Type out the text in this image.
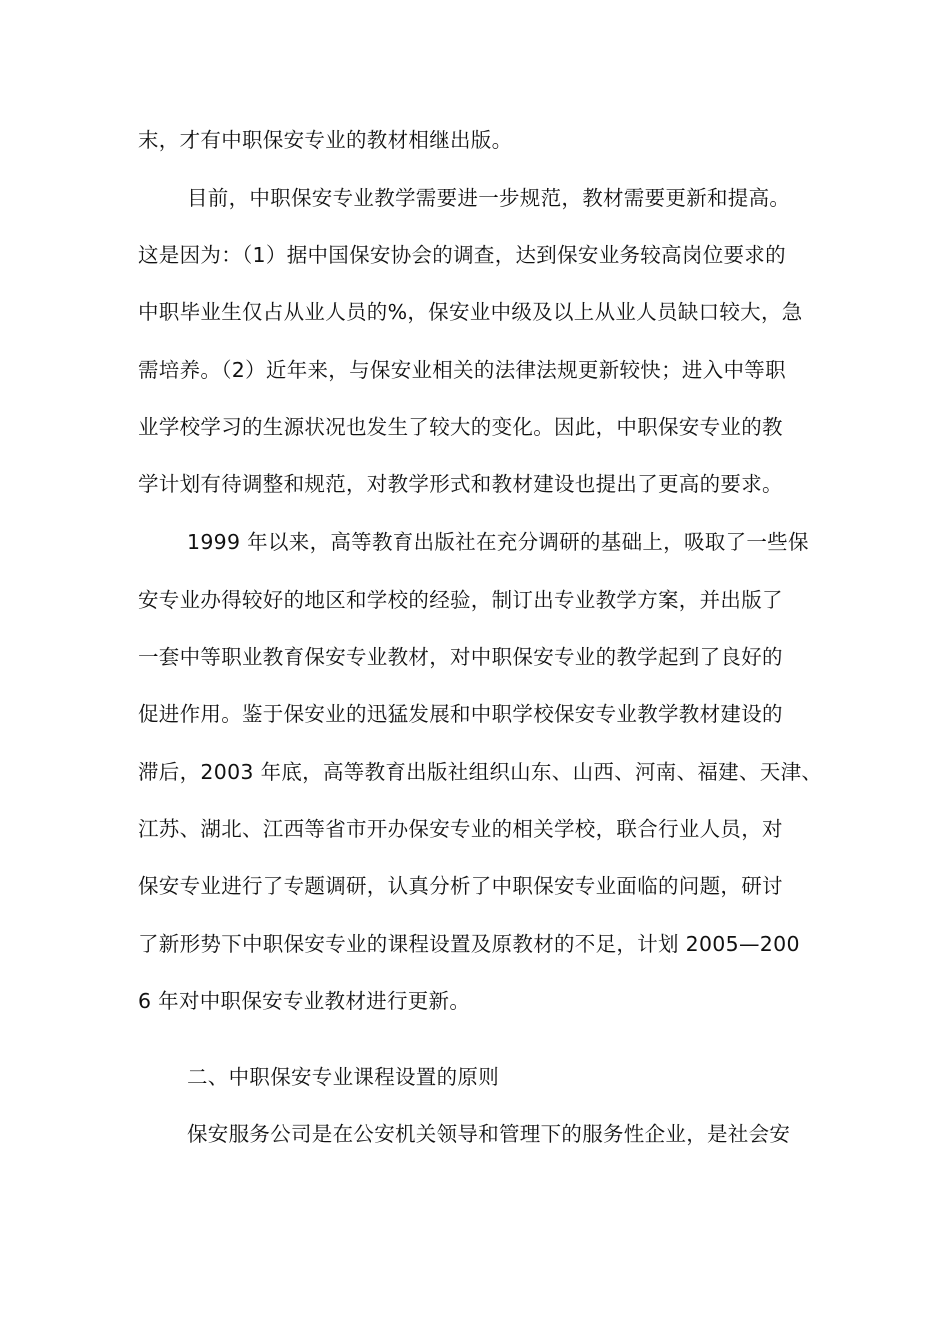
末，才有中职保安专业的教材相继出版。
目前，中职保安专业教学需要进一步规范，教材需要更新和提高。
这是因为：（1）据中国保安协会的调查，达到保安业务较高岗位要求的
中职毕业生仅占从业人员的%，保安业中级及以上从业人员缺口较大，急
需培养。（2）近年来，与保安业相关的法律法规更新较快；进入中等职
业学校学习的生源状况也发生了较大的变化。因此，中职保安专业的教
学计划有待调整和规范，对教学形式和教材建设也提出了更高的要求。
1999 年以来，高等教育出版社在充分调研的基础上，吸取了一些保
安专业办得较好的地区和学校的经验，制订出专业教学方案，并出版了
一套中等职业教育保安专业教材，对中职保安专业的教学起到了良好的
促进作用。鉴于保安业的迅猛发展和中职学校保安专业教学教材建设的
滞后，2003 年底，高等教育出版社组织山东、山西、河南、福建、天津、
江苏、湖北、江西等省市开办保安专业的相关学校，联合行业人员，对
保安专业进行了专题调研，认真分析了中职保安专业面临的问题，研讨
了新形势下中职保安专业的课程设置及原教材的不足，计划 2005—200
6 年对中职保安专业教材进行更新。
二、中职保安专业课程设置的原则
保安服务公司是在公安机关领导和管理下的服务性企业，是社会安
